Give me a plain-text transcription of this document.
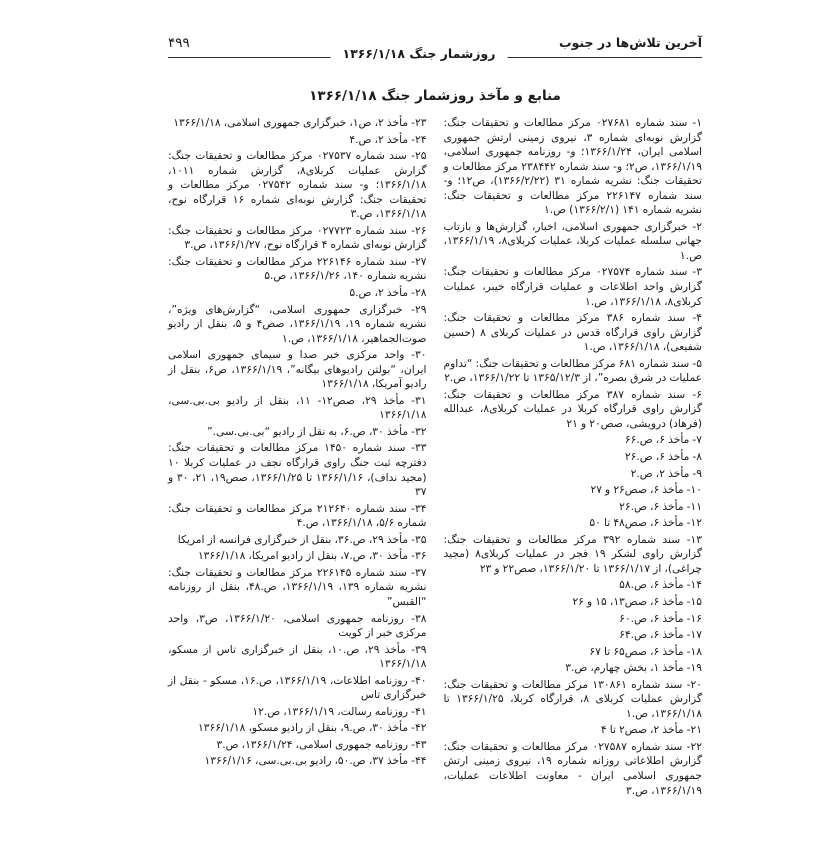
آخرین تلاش‌ها در جنوب
روزشمار جنگ ۱۳۶۶/۱/۱۸
۴۹۹
منابع و مآخذ روزشمار جنگ ۱۳۶۶/۱/۱۸

۱- سند شماره ۰۲۷۶۸۱ مرکز مطالعات و تحقیقات جنگ: گزارش نوبه‌ای شماره ۳، نیروی زمینی ارتش جمهوری اسلامی ایران، ۱۳۶۶/۱/۲۴؛ و- روزنامه جمهوری اسلامی، ۱۳۶۶/۱/۱۹، ص۲؛ و- سند شماره ۲۳۸۴۴۲ مرکز مطالعات و تحقیقات جنگ: نشریه شماره ۳۱ (۱۳۶۶/۲/۲۲)، ص۱۲؛ و- سند شماره ۲۲۶۱۴۷ مرکز مطالعات و تحقیقات جنگ: نشریه شماره ۱۴۱ (۱۳۶۶/۲/۱) ص.۱

۲- خبرگزاری جمهوری اسلامی، اخبار، گزارش‌ها و بازتاب جهانی سلسله عملیات کربلا، عملیات کربلای۸، ۱۳۶۶/۱/۱۹، ص.۱

۳- سند شماره ۰۲۷۵۷۴ مرکز مطالعات و تحقیقات جنگ: گزارش واحد اطلاعات و عملیات قرارگاه خیبر، عملیات کربلای۸، ۱۳۶۶/۱/۱۸، ص.۱

۴- سند شماره ۳۸۶ مرکز مطالعات و تحقیقات جنگ: گزارش راوی قرارگاه قدس در عملیات کربلای ۸ (حسین شفیعی)، ۱۳۶۶/۱/۱۸، ص.۱

۵- سند شماره ۶۸۱ مرکز مطالعات و تحقیقات جنگ: “تداوم عملیات در شرق بصره”، از ۱۳۶۵/۱۲/۳ تا ۱۳۶۶/۱/۲۲، ص.۲

۶- سند شماره ۳۸۷ مرکز مطالعات و تحقیقات جنگ: گزارش راوی قرارگاه کربلا در عملیات کربلای۸، عبدالله (فرهاد) درویشی، صص۲۰ و ۲۱

۷- مأخذ ۶، ص.۶۶

۸- مأخذ ۶، ص.۲۶

۹- مأخذ ۲، ص.۲

۱۰- مأخذ ۶، صص۲۶ و ۲۷

۱۱- مأخذ ۶، ص.۲۶

۱۲- مأخذ ۶، صص۴۸ تا ۵۰

۱۳- سند شماره ۳۹۲ مرکز مطالعات و تحقیقات جنگ: گزارش راوی لشکر ۱۹ فجر در عملیات کربلای۸ (مجید چراغی)، از ۱۳۶۶/۱/۱۷ تا ۱۳۶۶/۱/۲۰، صص۲۲ و ۲۳

۱۴- مأخذ ۶، ص.۵۸

۱۵- مأخذ ۶، صص۱۳، ۱۵ و ۲۶

۱۶- مأخذ ۶، ص.۶۰

۱۷- مأخذ ۶، ص.۶۴

۱۸- مأخذ ۶، صص۶۵ تا ۶۷

۱۹- مأخذ ۱، بخش چهارم، ص.۳

۲۰- سند شماره ۱۳۰۸۶۱ مرکز مطالعات و تحقیقات جنگ: گزارش عملیات کربلای ۸، قرارگاه کربلا، ۱۳۶۶/۱/۲۵ تا ۱۳۶۶/۱/۱۸، ص.۱

۲۱- مأخذ ۲، صص۲ تا ۴

۲۲- سند شماره ۰۲۷۵۸۷ مرکز مطالعات و تحقیقات جنگ: گزارش اطلاعاتی روزانه شماره ۱۹، نیروی زمینی ارتش جمهوری اسلامی ایران - معاونت اطلاعات عملیات، ۱۳۶۶/۱/۱۹، ص.۳

۲۳- مأخذ ۲، ص۱، خبرگزاری جمهوری اسلامی، ۱۳۶۶/۱/۱۸

۲۴- مأخذ ۲، ص.۴

۲۵- سند شماره ۰۲۷۵۳۷ مرکز مطالعات و تحقیقات جنگ: گزارش عملیات کربلای۸، گزارش شماره ۱۰۱۱، ۱۳۶۶/۱/۱۸؛ و- سند شماره ۰۲۷۵۴۲ مرکز مطالعات و تحقیقات جنگ: گزارش نوبه‌ای شماره ۱۶ قرارگاه نوح، ۱۳۶۶/۱/۱۸، ص.۳

۲۶- سند شماره ۰۲۷۷۲۳ مرکز مطالعات و تحقیقات جنگ: گزارش نوبه‌ای شماره ۴ قرارگاه نوح، ۱۳۶۶/۱/۲۷، ص.۳

۲۷- سند شماره ۲۲۶۱۴۶ مرکز مطالعات و تحقیقات جنگ: نشریه شماره ۱۴۰، ۱۳۶۶/۱/۲۶، ص.۵

۲۸- مأخذ ۲، ص.۵

۲۹- خبرگزاری جمهوری اسلامی، “گزارش‌های ویژه”، نشریه شماره ۱۹، ۱۳۶۶/۱/۱۹، صص۴ و ۵، بنقل از رادیو صوت‌الجماهیر، ۱۳۶۶/۱/۱۸، ص.۱

۳۰- واحد مرکزی خبر صدا و سیمای جمهوری اسلامی ایران، “بولتن رادیوهای بیگانه”، ۱۳۶۶/۱/۱۹، ص۶، بنقل از رادیو آمریکا، ۱۳۶۶/۱/۱۸

۳۱- مأخذ ۲۹، صص۱۲- ۱۱، بنقل از رادیو بی.بی.سی، ۱۳۶۶/۱/۱۸

۳۲- مأخذ ۳۰، ص.۶، به نقل از رادیو “بی.بی.سی.”

۳۳- سند شماره ۱۴۵۰ مرکز مطالعات و تحقیقات جنگ: دفترچه ثبت جنگ راوی قرارگاه نجف در عملیات کربلا ۱۰ (مجید نداف)، ۱۳۶۶/۱/۱۶ تا ۱۳۶۶/۱/۲۵، صص۱۹، ۲۱، ۳۰ و ۳۷

۳۴- سند شماره ۲۱۲۶۴۰ مرکز مطالعات و تحقیقات جنگ: شماره ۵/۶، ۱۳۶۶/۱/۱۸، ص.۴

۳۵- مأخذ ۲۹، ص.۳۶، بنقل از خبرگزاری فرانسه از امریکا

۳۶- مأخذ ۳۰، ص.۷، بنقل از رادیو امریکا، ۱۳۶۶/۱/۱۸

۳۷- سند شماره ۲۲۶۱۴۵ مرکز مطالعات و تحقیقات جنگ: نشریه شماره ۱۳۹، ۱۳۶۶/۱/۱۹، ص.۴۸، بنقل از روزنامه “القبس”

۳۸- روزنامه جمهوری اسلامی، ۱۳۶۶/۱/۲۰، ص۳، واحد مرکزی خبر از کویت

۳۹- مأخذ ۲۹، ص.۱۰، بنقل از خبرگزاری تاس از مسکو، ۱۳۶۶/۱/۱۸

۴۰- روزنامه اطلاعات، ۱۳۶۶/۱/۱۹، ص.۱۶، مسکو - بنقل از خبرگزاری تاس

۴۱- روزنامه رسالت، ۱۳۶۶/۱/۱۹، ص.۱۲

۴۲- مأخذ ۳۰، ص.۹، بنقل از رادیو مسکو، ۱۳۶۶/۱/۱۸

۴۳- روزنامه جمهوری اسلامی، ۱۳۶۶/۱/۲۴، ص.۳

۴۴- مأخذ ۳۷، ص.۵۰، رادیو بی.بی.سی، ۱۳۶۶/۱/۱۶
